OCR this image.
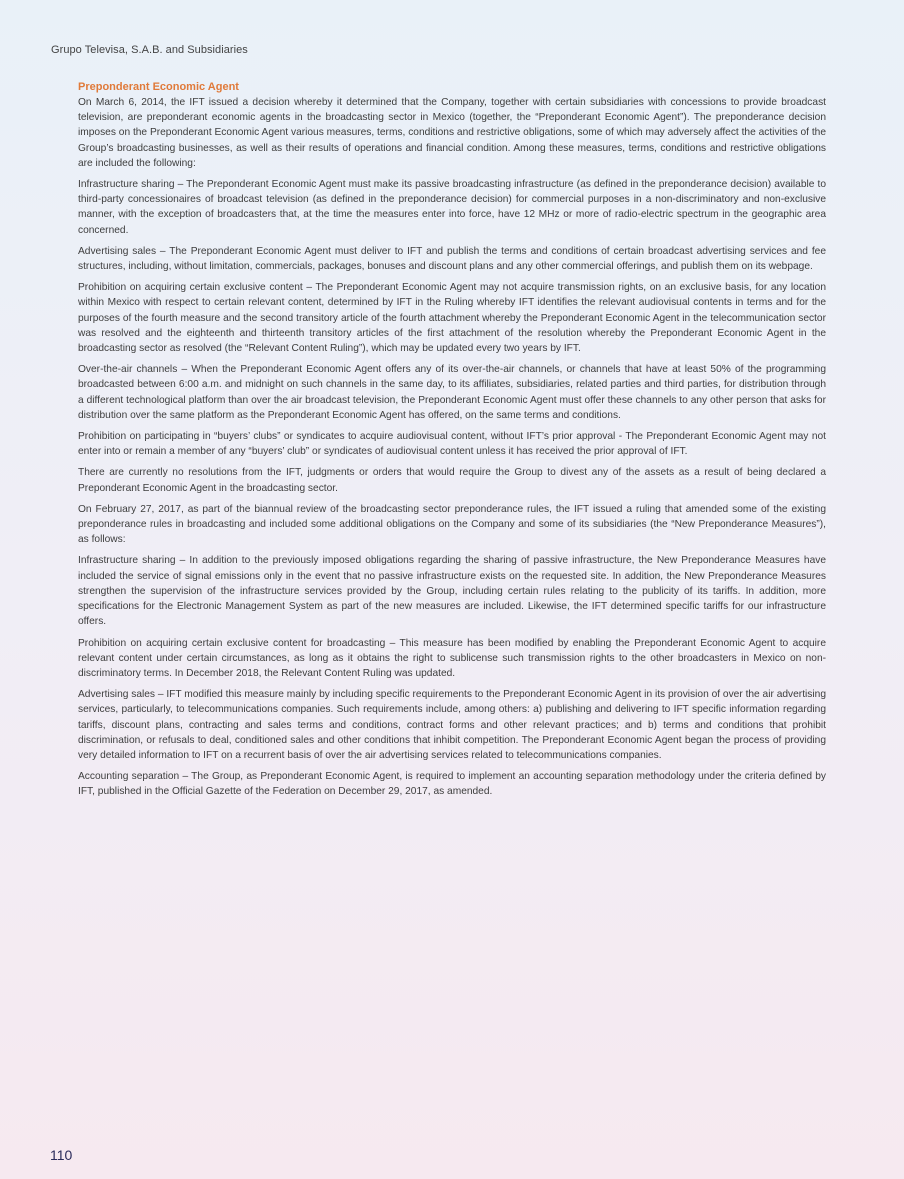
Grupo Televisa, S.A.B. and Subsidiaries
Preponderant Economic Agent

On March 6, 2014, the IFT issued a decision whereby it determined that the Company, together with certain subsidiaries with concessions to provide broadcast television, are preponderant economic agents in the broadcasting sector in Mexico (together, the “Preponderant Economic Agent”). The preponderance decision imposes on the Preponderant Economic Agent various measures, terms, conditions and restrictive obligations, some of which may adversely affect the activities of the Group’s broadcasting businesses, as well as their results of operations and financial condition. Among these measures, terms, conditions and restrictive obligations are included the following:

Infrastructure sharing – The Preponderant Economic Agent must make its passive broadcasting infrastructure (as defined in the preponderance decision) available to third-party concessionaires of broadcast television (as defined in the preponderance decision) for commercial purposes in a non-discriminatory and non-exclusive manner, with the exception of broadcasters that, at the time the measures enter into force, have 12 MHz or more of radio-electric spectrum in the geographic area concerned.

Advertising sales – The Preponderant Economic Agent must deliver to IFT and publish the terms and conditions of certain broadcast advertising services and fee structures, including, without limitation, commercials, packages, bonuses and discount plans and any other commercial offerings, and publish them on its webpage.

Prohibition on acquiring certain exclusive content – The Preponderant Economic Agent may not acquire transmission rights, on an exclusive basis, for any location within Mexico with respect to certain relevant content, determined by IFT in the Ruling whereby IFT identifies the relevant audiovisual contents in terms and for the purposes of the fourth measure and the second transitory article of the fourth attachment whereby the Preponderant Economic Agent in the telecommunication sector was resolved and the eighteenth and thirteenth transitory articles of the first attachment of the resolution whereby the Preponderant Economic Agent in the broadcasting sector as resolved (the “Relevant Content Ruling”), which may be updated every two years by IFT.

Over-the-air channels – When the Preponderant Economic Agent offers any of its over-the-air channels, or channels that have at least 50% of the programming broadcasted between 6:00 a.m. and midnight on such channels in the same day, to its affiliates, subsidiaries, related parties and third parties, for distribution through a different technological platform than over the air broadcast television, the Preponderant Economic Agent must offer these channels to any other person that asks for distribution over the same platform as the Preponderant Economic Agent has offered, on the same terms and conditions.

Prohibition on participating in “buyers’ clubs” or syndicates to acquire audiovisual content, without IFT’s prior approval - The Preponderant Economic Agent may not enter into or remain a member of any “buyers’ club” or syndicates of audiovisual content unless it has received the prior approval of IFT.

There are currently no resolutions from the IFT, judgments or orders that would require the Group to divest any of the assets as a result of being declared a Preponderant Economic Agent in the broadcasting sector.

On February 27, 2017, as part of the biannual review of the broadcasting sector preponderance rules, the IFT issued a ruling that amended some of the existing preponderance rules in broadcasting and included some additional obligations on the Company and some of its subsidiaries (the “New Preponderance Measures”), as follows:

Infrastructure sharing – In addition to the previously imposed obligations regarding the sharing of passive infrastructure, the New Preponderance Measures have included the service of signal emissions only in the event that no passive infrastructure exists on the requested site. In addition, the New Preponderance Measures strengthen the supervision of the infrastructure services provided by the Group, including certain rules relating to the publicity of its tariffs. In addition, more specifications for the Electronic Management System as part of the new measures are included. Likewise, the IFT determined specific tariffs for our infrastructure offers.

Prohibition on acquiring certain exclusive content for broadcasting – This measure has been modified by enabling the Preponderant Economic Agent to acquire relevant content under certain circumstances, as long as it obtains the right to sublicense such transmission rights to the other broadcasters in Mexico on non-discriminatory terms. In December 2018, the Relevant Content Ruling was updated.

Advertising sales – IFT modified this measure mainly by including specific requirements to the Preponderant Economic Agent in its provision of over the air advertising services, particularly, to telecommunications companies. Such requirements include, among others: a) publishing and delivering to IFT specific information regarding tariffs, discount plans, contracting and sales terms and conditions, contract forms and other relevant practices; and b) terms and conditions that prohibit discrimination, or refusals to deal, conditioned sales and other conditions that inhibit competition. The Preponderant Economic Agent began the process of providing very detailed information to IFT on a recurrent basis of over the air advertising services related to telecommunications companies.

Accounting separation – The Group, as Preponderant Economic Agent, is required to implement an accounting separation methodology under the criteria defined by IFT, published in the Official Gazette of the Federation on December 29, 2017, as amended.

110
